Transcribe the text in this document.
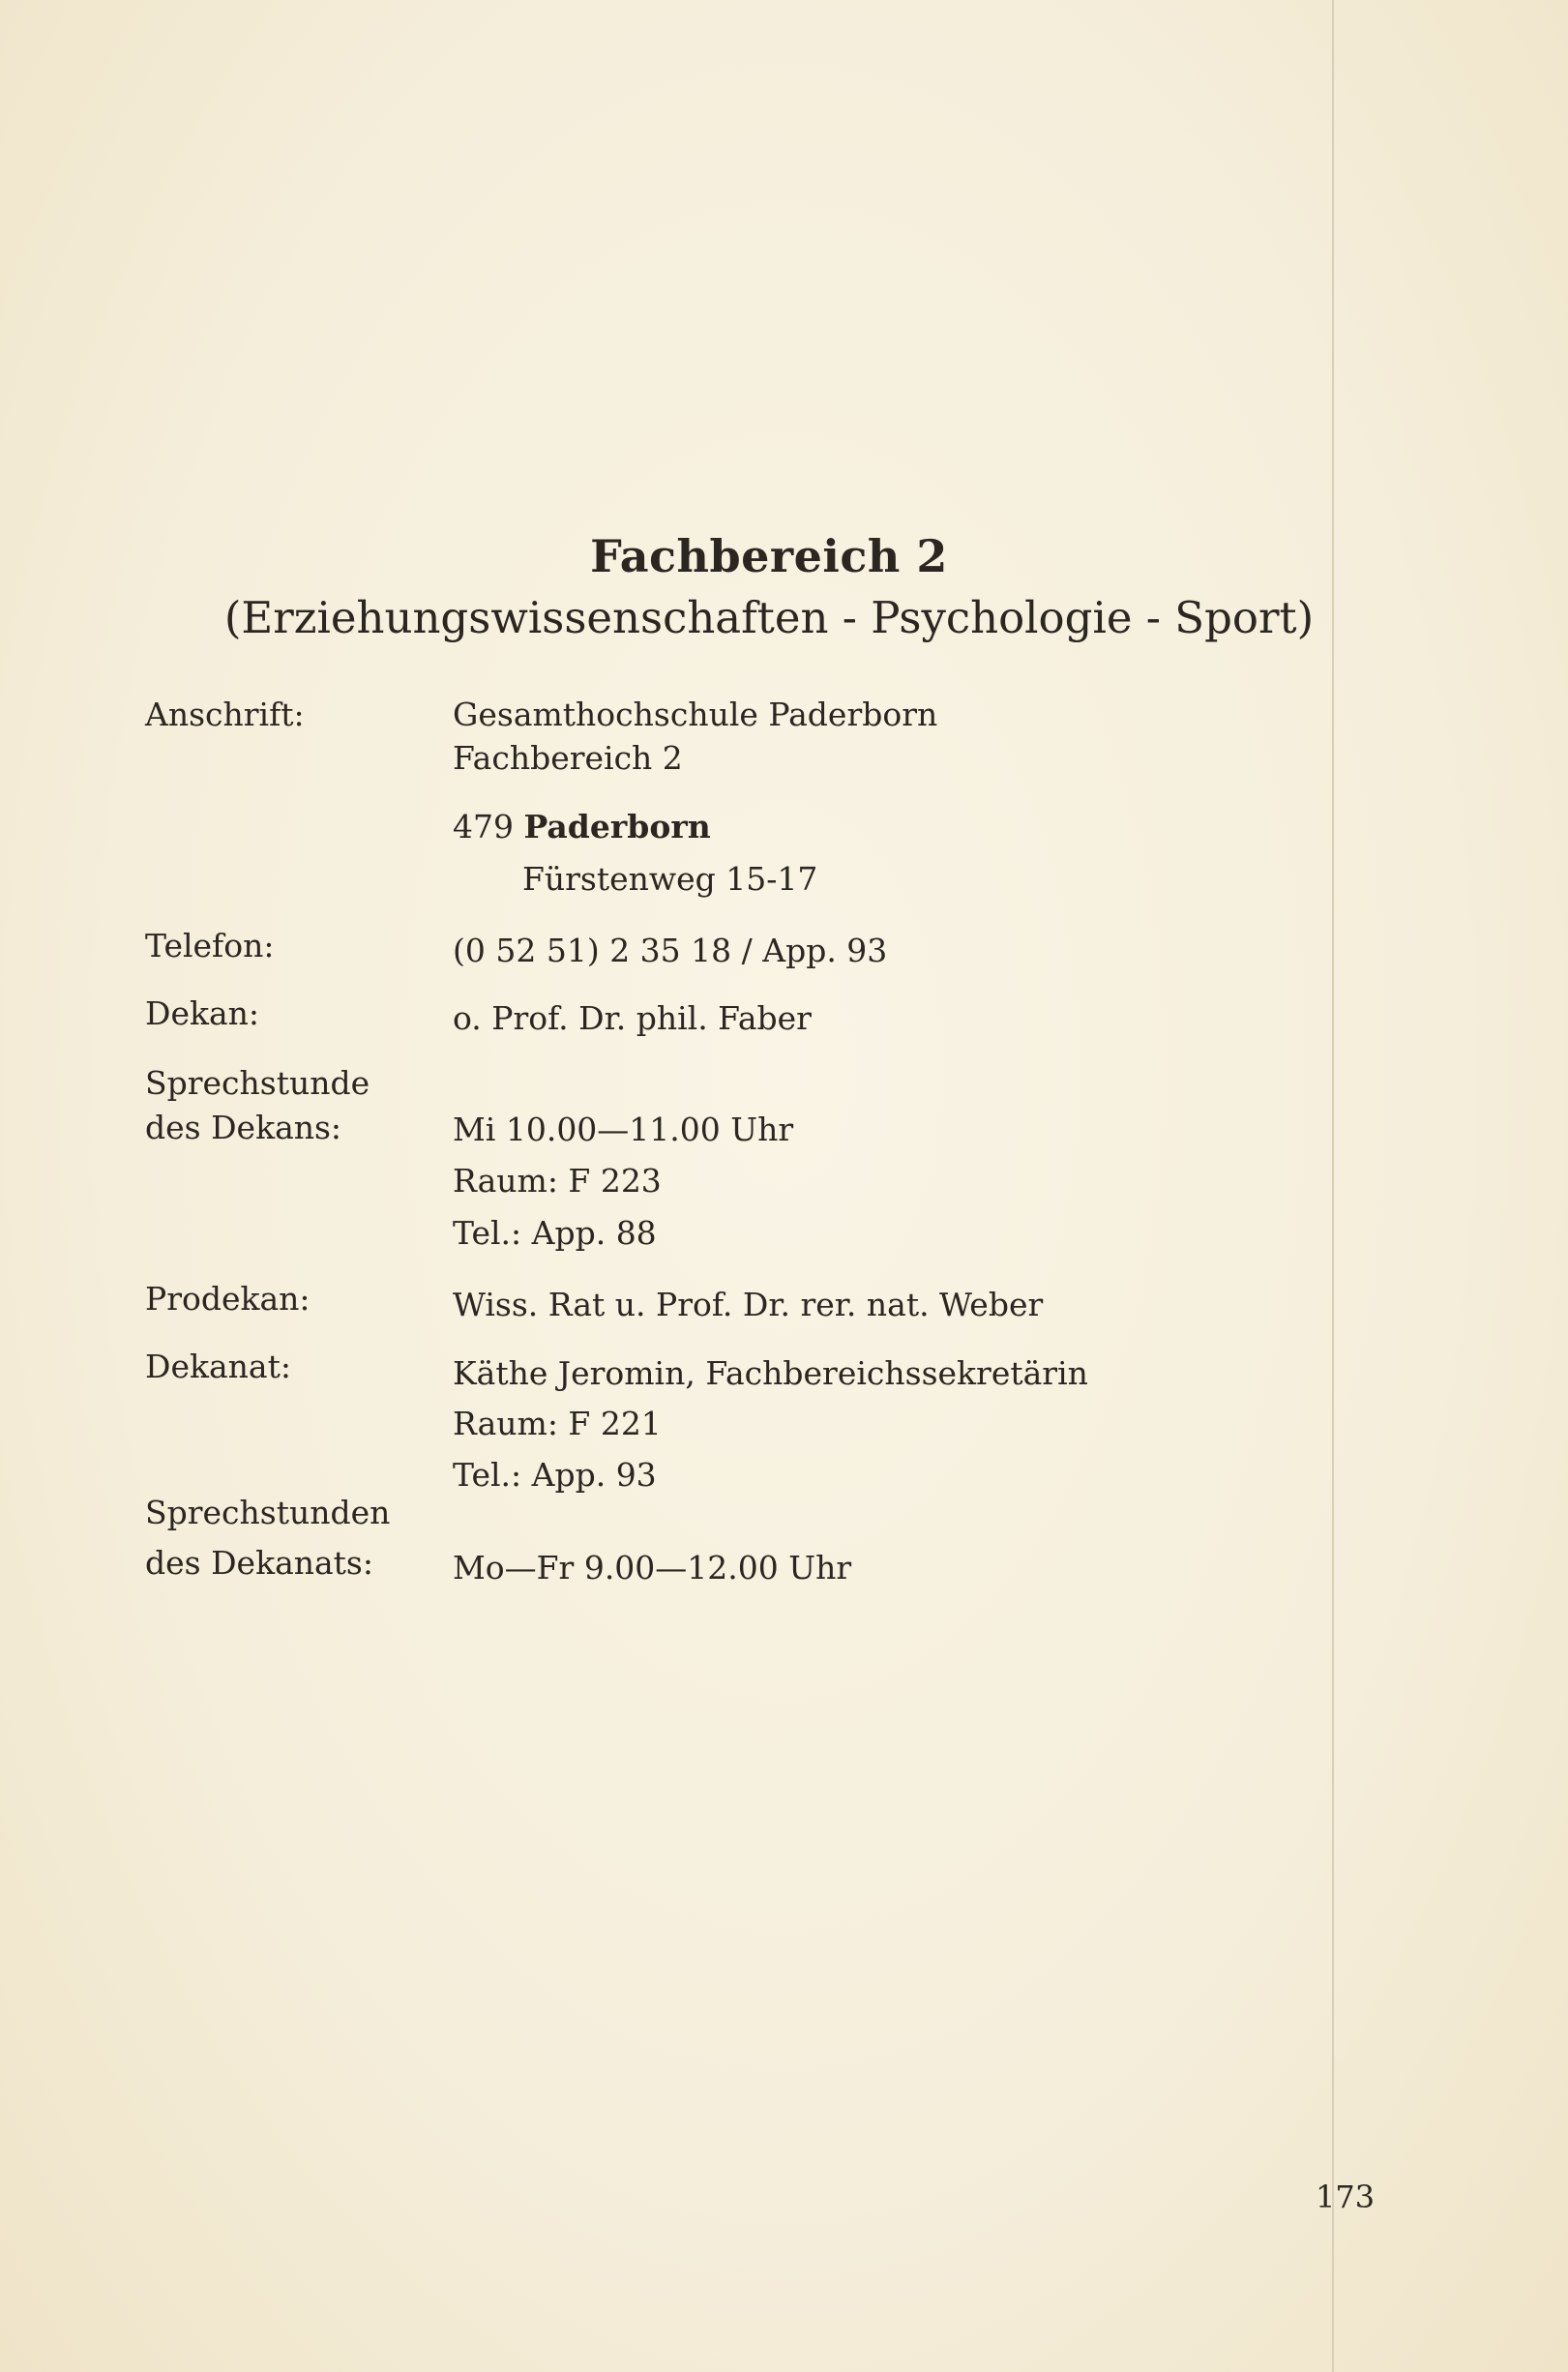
Fachbereich 2
(Erziehungswissenschaften - Psychologie - Sport)
Anschrift:	Gesamthochschule Paderborn
Fachbereich 2
479 Paderborn
Fürstenweg 15-17
Telefon:	(0 52 51) 2 35 18 / App. 93
Dekan:	o. Prof. Dr. phil. Faber
Sprechstunde
des Dekans:	Mi 10.00—11.00 Uhr
Raum: F 223
Tel.: App. 88
Prodekan:	Wiss. Rat u. Prof. Dr. rer. nat. Weber
Dekanat:	Käthe Jeromin, Fachbereichssekretärin
Raum: F 221
Tel.: App. 93
Sprechstunden
des Dekanats: Mo—Fr 9.00—12.00 Uhr
173
